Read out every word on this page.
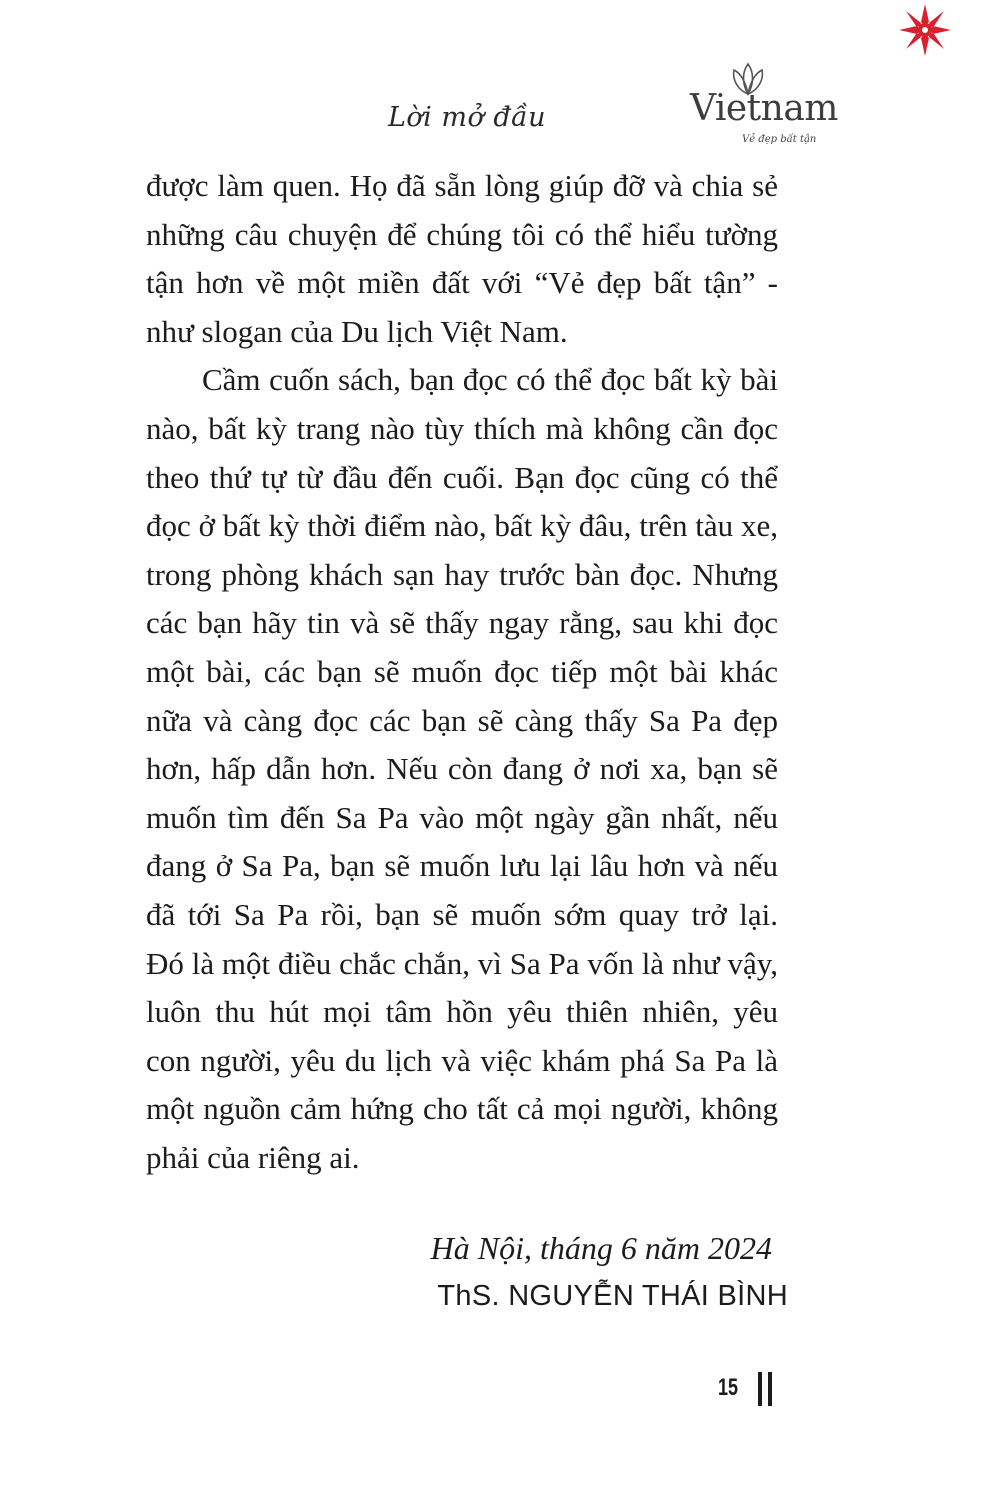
Lời mở đầu	Vietnam
Vẻ đẹp bất tận
được làm quen. Họ đã sẵn lòng giúp đỡ và chia sẻ
những câu chuyện để chúng tôi có thể hiểu tường
tận hơn về một miền đất với “Vẻ đẹp bất tận” -
như slogan của Du lịch Việt Nam.
Cầm cuốn sách, bạn đọc có thể đọc bất kỳ bài
nào, bất kỳ trang nào tùy thích mà không cần đọc
theo thứ tự từ đầu đến cuối. Bạn đọc cũng có thể
đọc ở bất kỳ thời điểm nào, bất kỳ đâu, trên tàu xe,
trong phòng khách sạn hay trước bàn đọc. Nhưng
các bạn hãy tin và sẽ thấy ngay rằng, sau khi đọc
một bài, các bạn sẽ muốn đọc tiếp một bài khác
nữa và càng đọc các bạn sẽ càng thấy Sa Pa đẹp
hơn, hấp dẫn hơn. Nếu còn đang ở nơi xa, bạn sẽ
muốn tìm đến Sa Pa vào một ngày gần nhất, nếu
đang ở Sa Pa, bạn sẽ muốn lưu lại lâu hơn và nếu
đã tới Sa Pa rồi, bạn sẽ muốn sớm quay trở lại.
Đó là một điều chắc chắn, vì Sa Pa vốn là như vậy,
luôn thu hút mọi tâm hồn yêu thiên nhiên, yêu
con người, yêu du lịch và việc khám phá Sa Pa là
một nguồn cảm hứng cho tất cả mọi người, không
phải của riêng ai.
Hà Nội, tháng 6 năm 2024
ThS. NGUYỄN THÁI BÌNH
15
